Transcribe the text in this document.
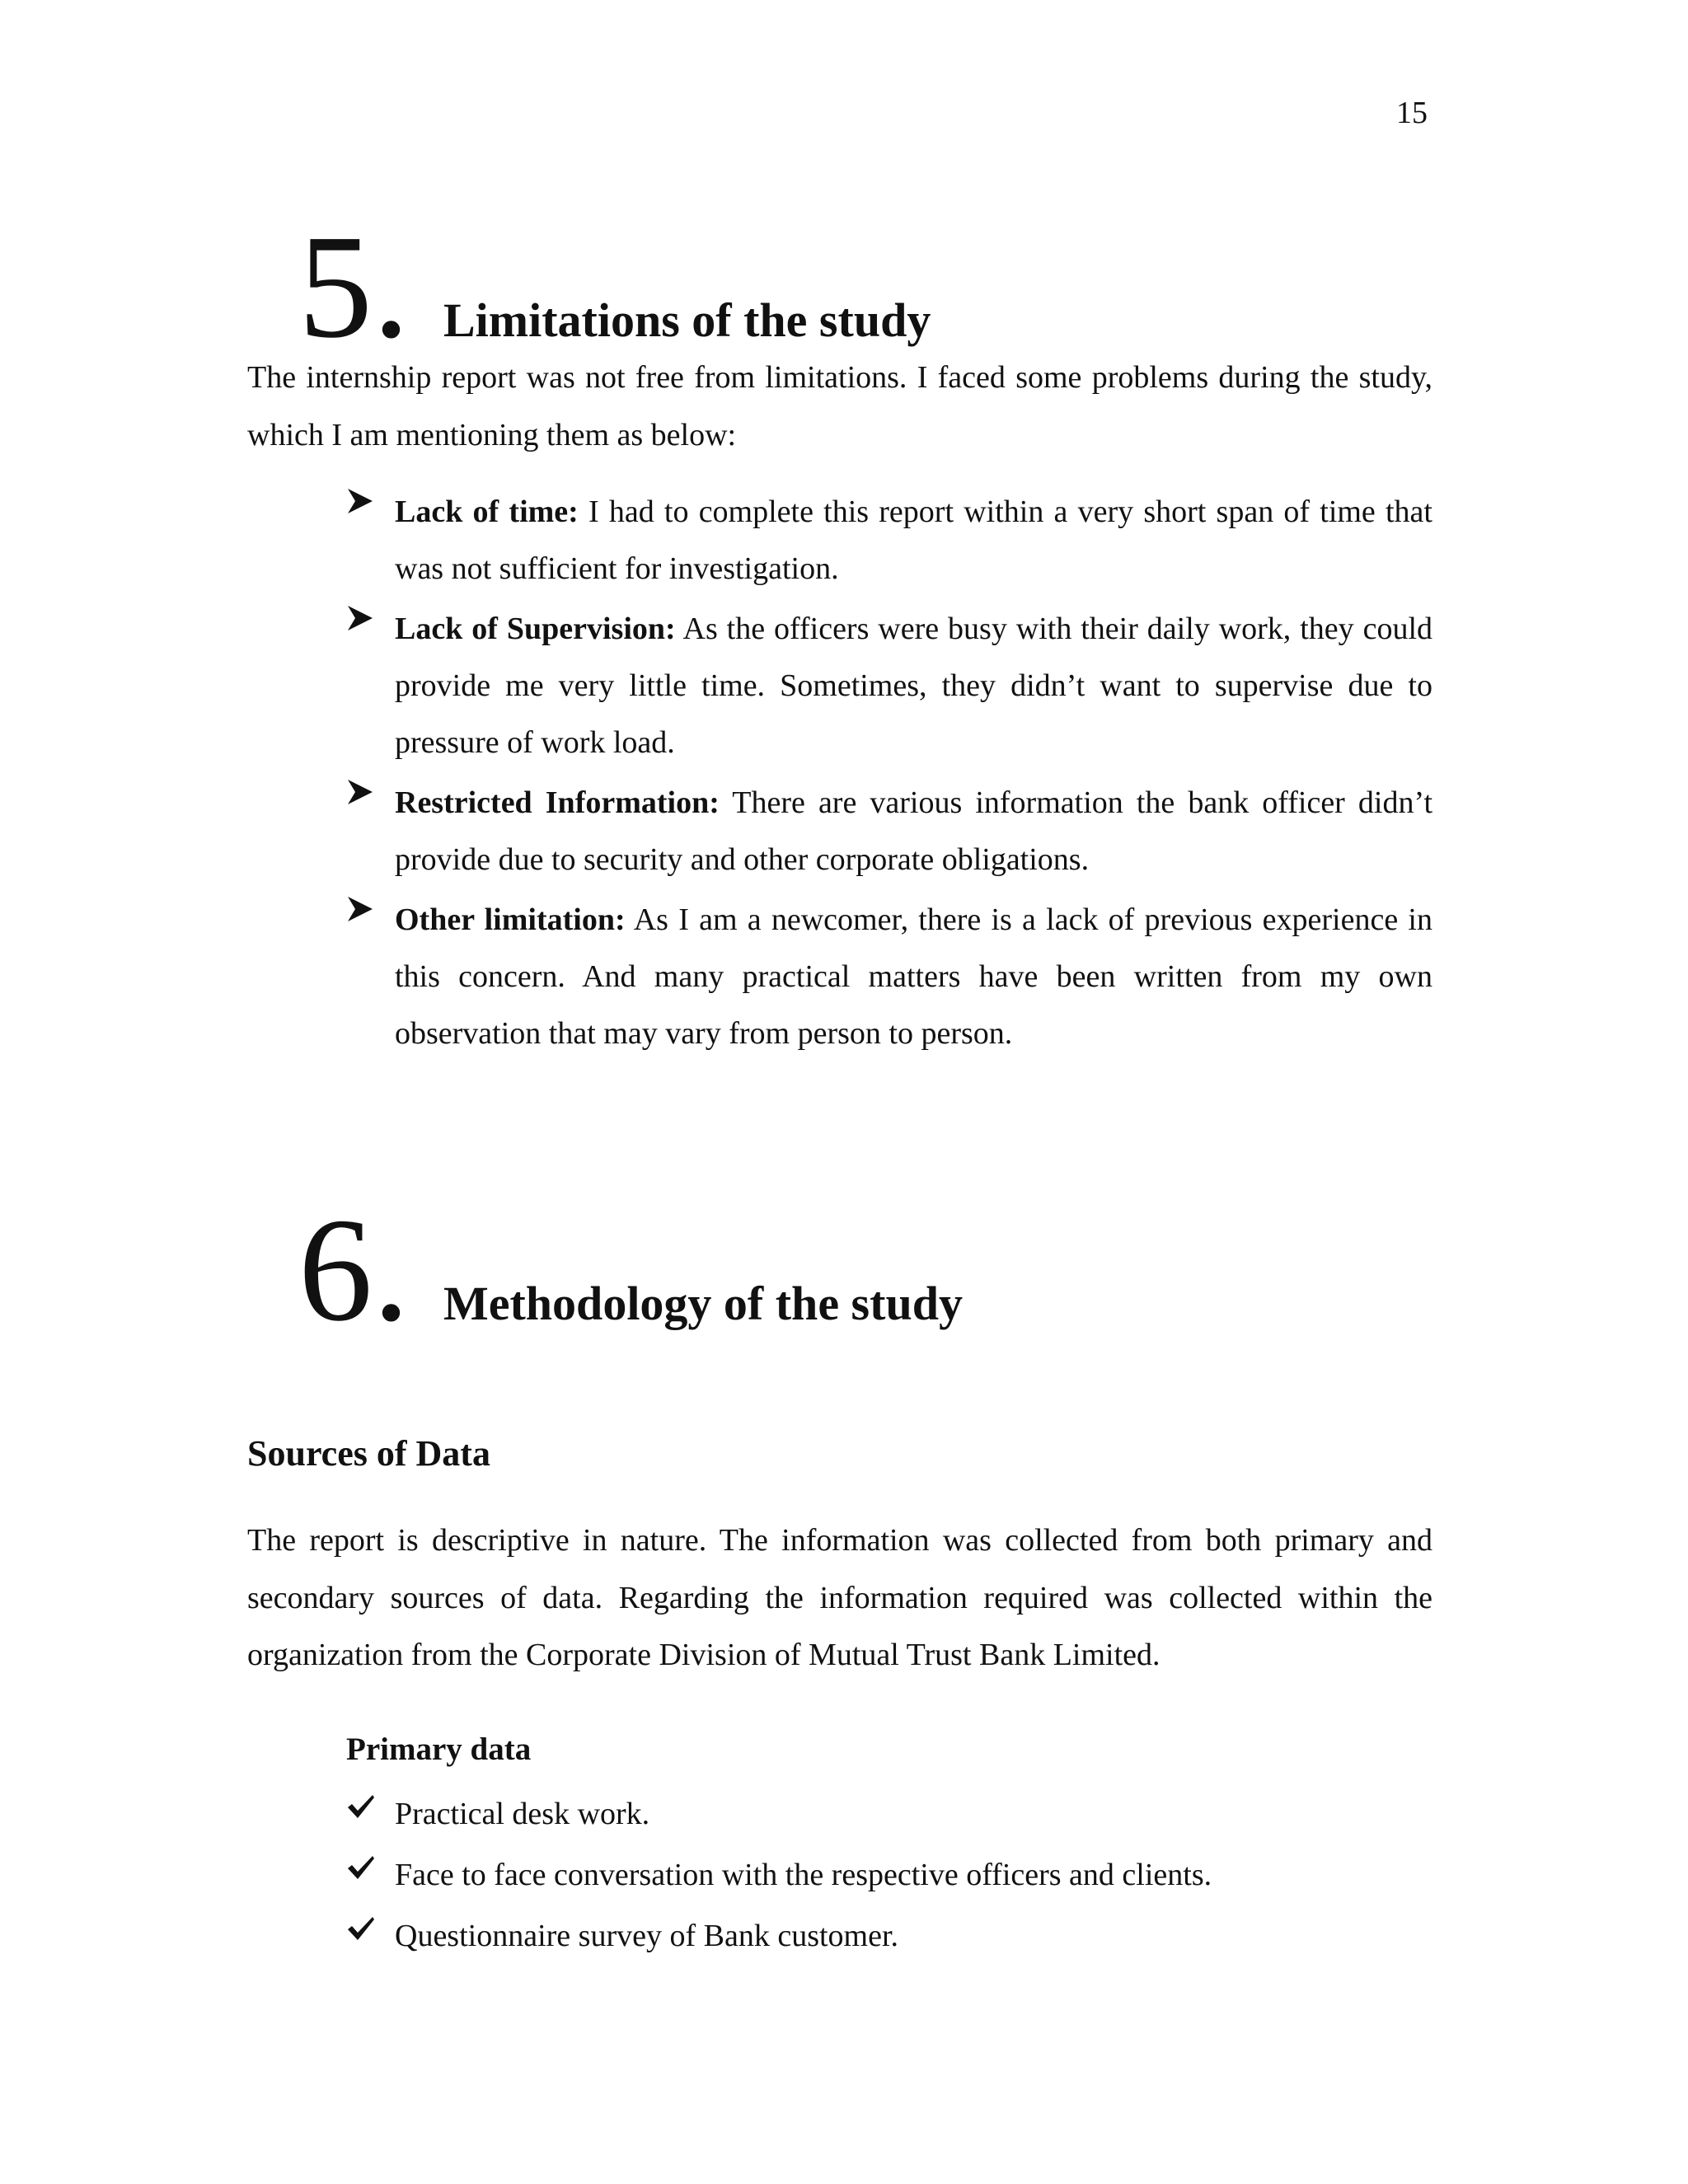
15
5. Limitations of the study

The internship report was not free from limitations. I faced some problems during the study, which I am mentioning them as below:

Lack of time: I had to complete this report within a very short span of time that was not sufficient for investigation.
Lack of Supervision: As the officers were busy with their daily work, they could provide me very little time. Sometimes, they didn’t want to supervise due to pressure of work load.
Restricted Information: There are various information the bank officer didn’t provide due to security and other corporate obligations.
Other limitation: As I am a newcomer, there is a lack of previous experience in this concern. And many practical matters have been written from my own observation that may vary from person to person.
6. Methodology of the study
Sources of Data

The report is descriptive in nature. The information was collected from both primary and secondary sources of data. Regarding the information required was collected within the organization from the Corporate Division of Mutual Trust Bank Limited.

Primary data
Practical desk work.
Face to face conversation with the respective officers and clients.
Questionnaire survey of Bank customer.
